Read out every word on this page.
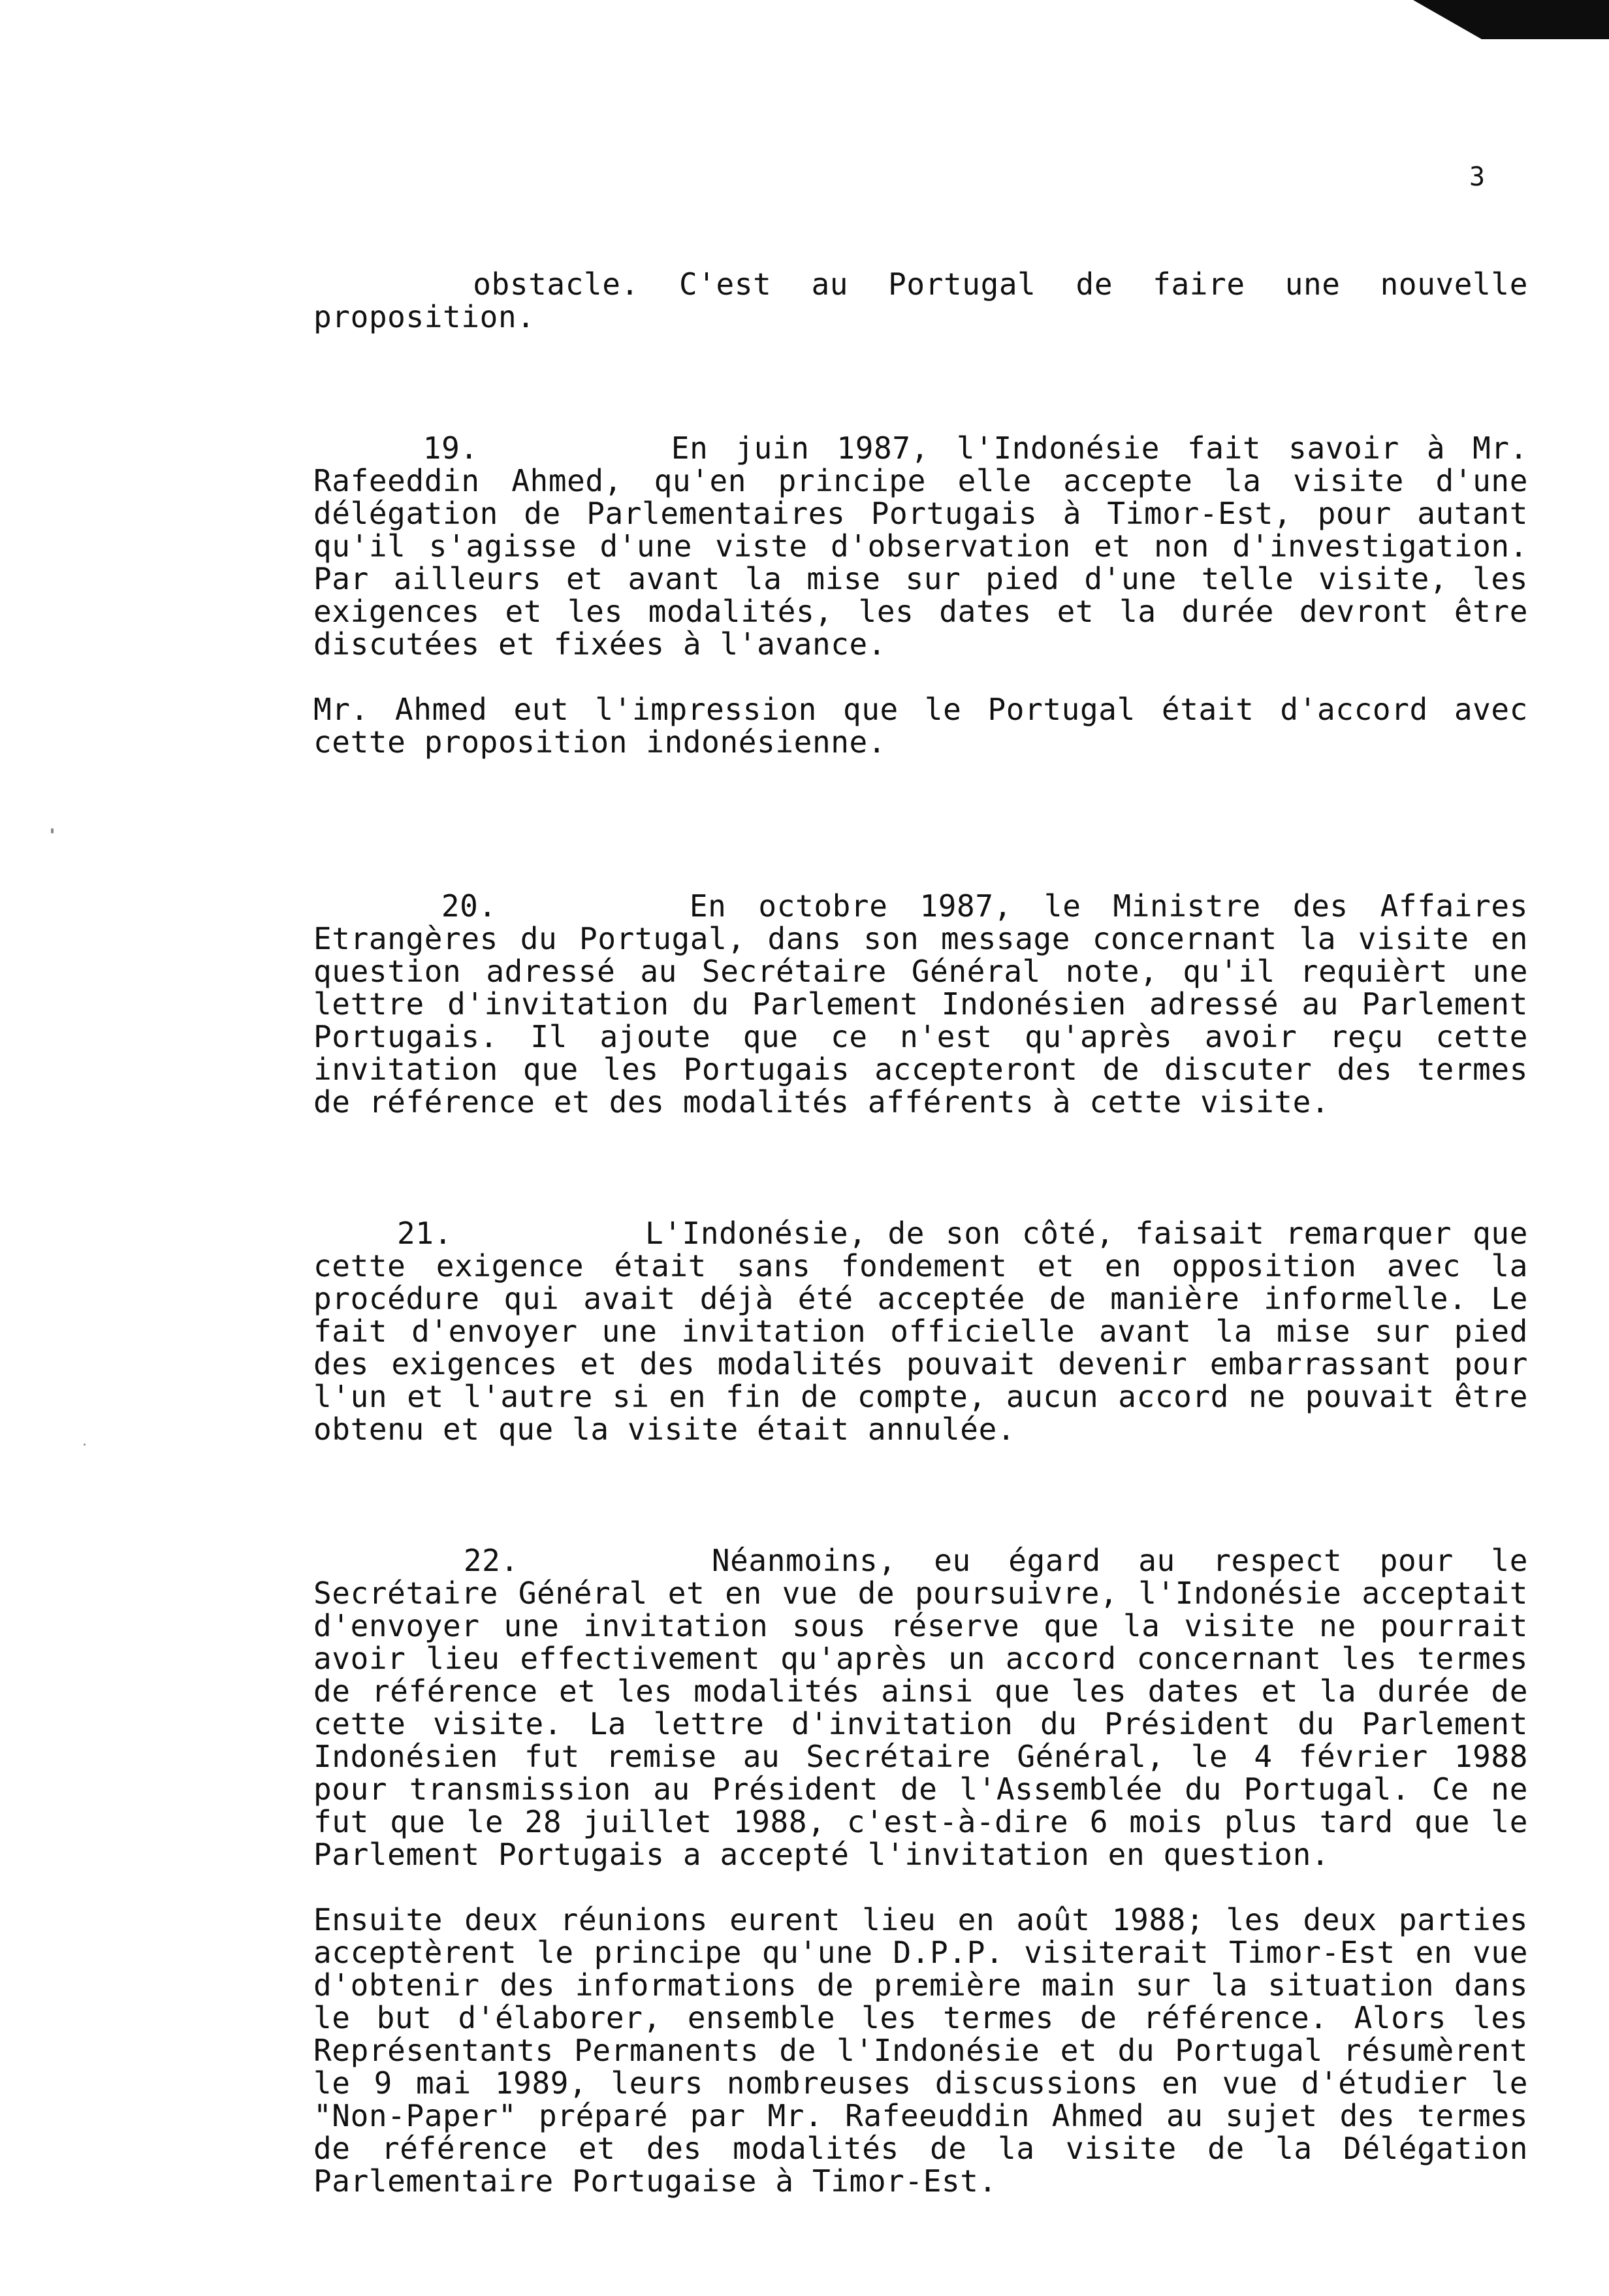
3

obstacle. C'est au Portugal de faire une nouvelle proposition.

19.	En juin 1987, l'Indonésie fait savoir à Mr. Rafeeddin Ahmed, qu'en principe elle accepte la visite d'une délégation de Parlementaires Portugais à Timor-Est, pour autant qu'il s'agisse d'une viste d'observation et non d'investigation. Par ailleurs et avant la mise sur pied d'une telle visite, les exigences et les modalités, les dates et la durée devront être discutées et fixées à l'avance.

Mr. Ahmed eut l'impression que le Portugal était d'accord avec cette proposition indonésienne.

20.	En octobre 1987, le Ministre des Affaires Etrangères du Portugal, dans son message concernant la visite en question adressé au Secrétaire Général note, qu'il requièrt une lettre d'invitation du Parlement Indonésien adressé au Parlement Portugais. Il ajoute que ce n'est qu'après avoir reçu cette invitation que les Portugais accepteront de discuter des termes de référence et des modalités afférents à cette visite.

21.	L'Indonésie, de son côté, faisait remarquer que cette exigence était sans fondement et en opposition avec la procédure qui avait déjà été acceptée de manière informelle. Le fait d'envoyer une invitation officielle avant la mise sur pied des exigences et des modalités pouvait devenir embarrassant pour l'un et l'autre si en fin de compte, aucun accord ne pouvait être obtenu et que la visite était annulée.

22.	Néanmoins, eu égard au respect pour le Secrétaire Général et en vue de poursuivre, l'Indonésie acceptait d'envoyer une invitation sous réserve que la visite ne pourrait avoir lieu effectivement qu'après un accord concernant les termes de référence et les modalités ainsi que les dates et la durée de cette visite. La lettre d'invitation du Président du Parlement Indonésien fut remise au Secrétaire Général, le 4 février 1988 pour transmission au Président de l'Assemblée du Portugal. Ce ne fut que le 28 juillet 1988, c'est-à-dire 6 mois plus tard que le Parlement Portugais a accepté l'invitation en question.

Ensuite deux réunions eurent lieu en août 1988; les deux parties acceptèrent le principe qu'une D.P.P. visiterait Timor-Est en vue d'obtenir des informations de première main sur la situation dans le but d'élaborer, ensemble les termes de référence. Alors les Représentants Permanents de l'Indonésie et du Portugal résumèrent le 9 mai 1989, leurs nombreuses discussions en vue d'étudier le "Non-Paper" préparé par Mr. Rafeeuddin Ahmed au sujet des termes de référence et des modalités de la visite de la Délégation Parlementaire Portugaise à Timor-Est.
